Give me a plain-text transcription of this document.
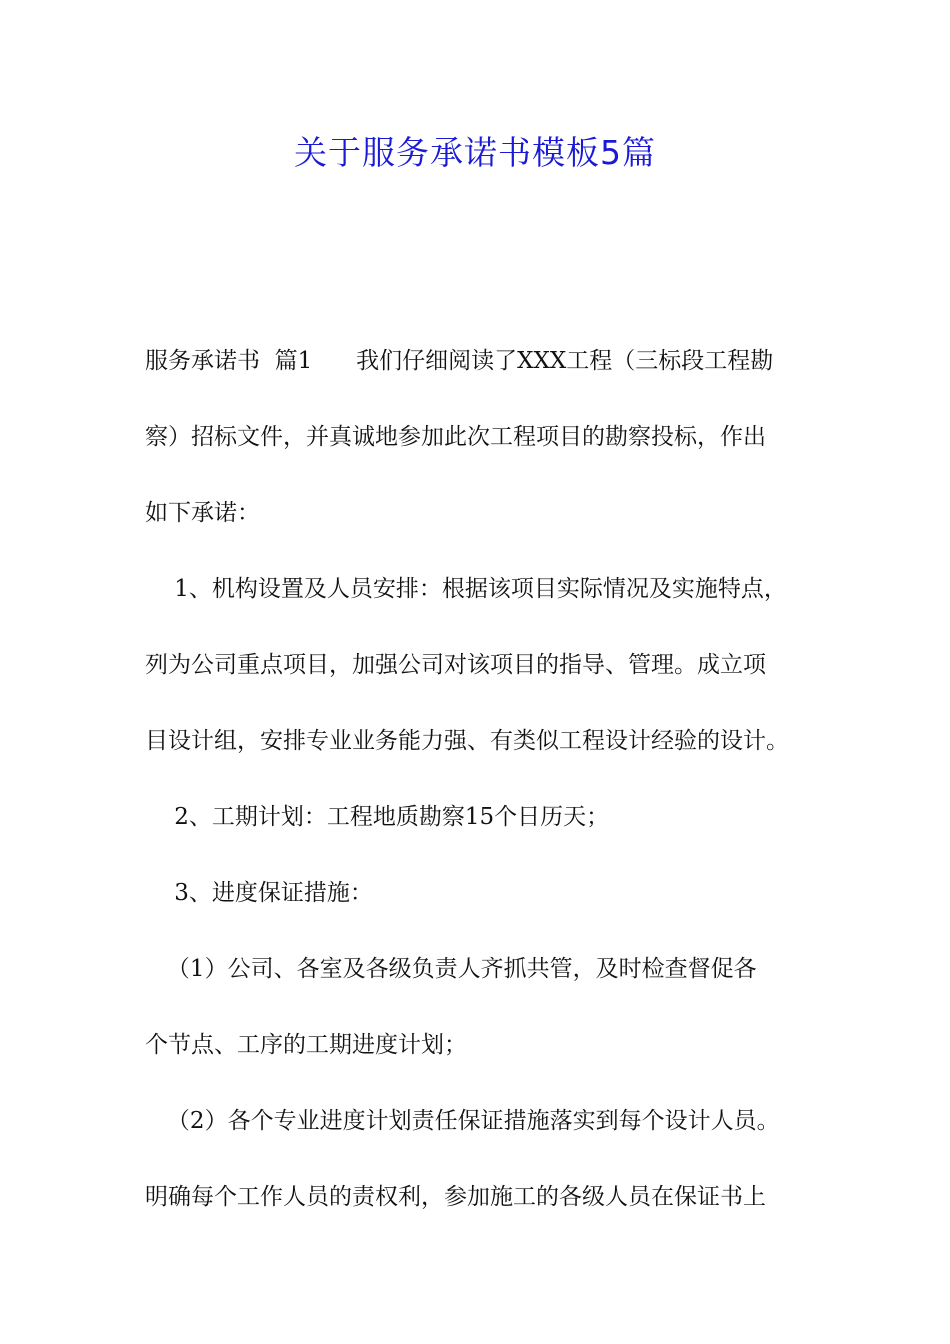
关于服务承诺书模板5篇
服务承诺书  篇1      我们仔细阅读了XXX工程（三标段工程勘
察）招标文件，并真诚地参加此次工程项目的勘察投标，作出
如下承诺：
1、机构设置及人员安排：根据该项目实际情况及实施特点，
列为公司重点项目，加强公司对该项目的指导、管理。成立项
目设计组，安排专业业务能力强、有类似工程设计经验的设计。
2、工期计划：工程地质勘察15个日历天；
3、进度保证措施：
（1）公司、各室及各级负责人齐抓共管，及时检查督促各
个节点、工序的工期进度计划；
（2）各个专业进度计划责任保证措施落实到每个设计人员。
明确每个工作人员的责权利，参加施工的各级人员在保证书上
